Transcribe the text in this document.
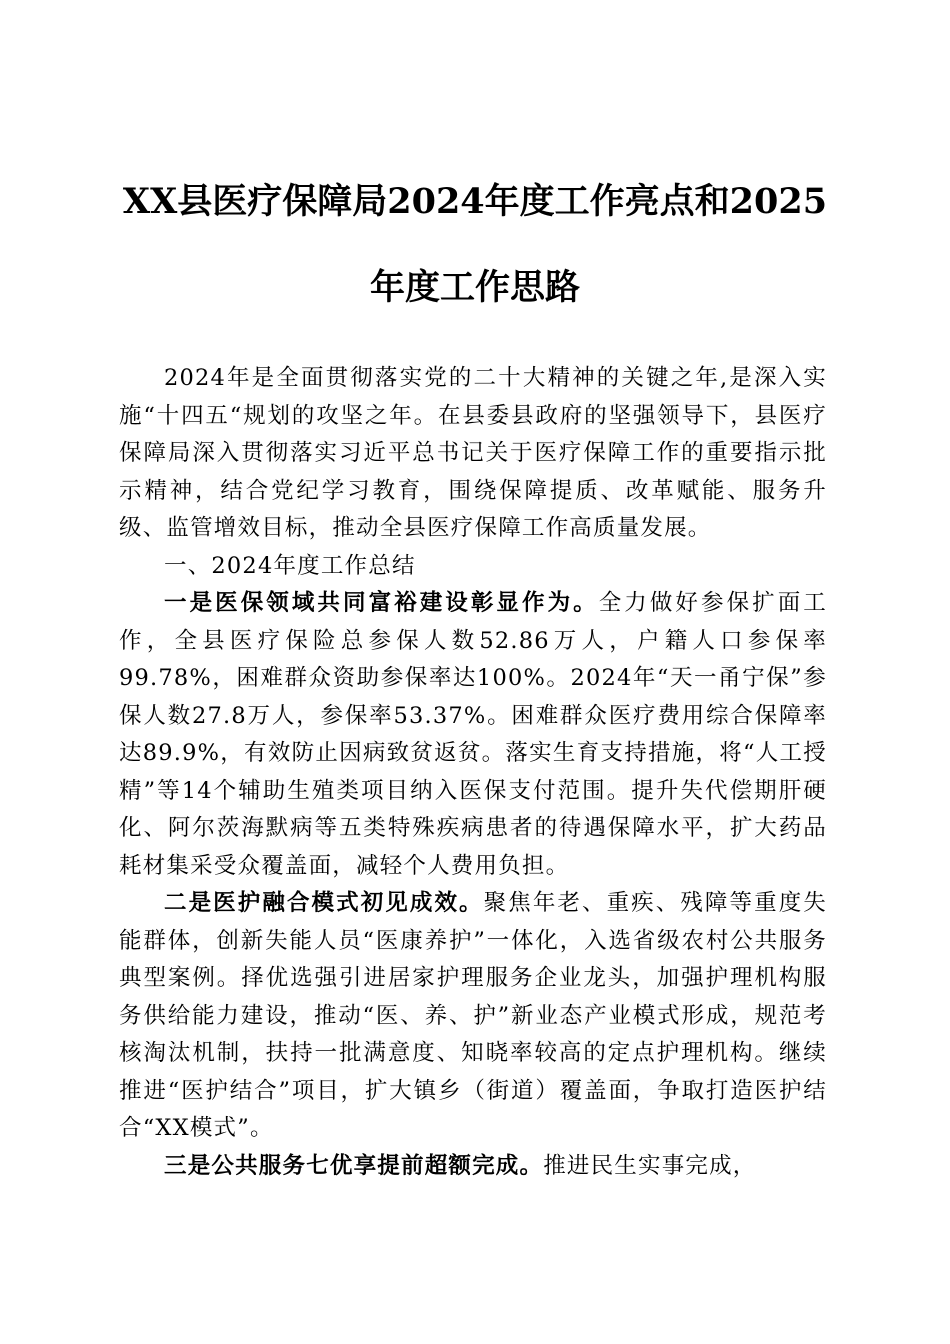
XX县医疗保障局2024年度工作亮点和2025
年度工作思路

2024年是全面贯彻落实党的二十大精神的关键之年,是深入实施“十四五“规划的攻坚之年。在县委县政府的坚强领导下，县医疗保障局深入贯彻落实习近平总书记关于医疗保障工作的重要指示批示精神，结合党纪学习教育，围绕保障提质、改革赋能、服务升级、监管增效目标，推动全县医疗保障工作高质量发展。

一、2024年度工作总结

一是医保领域共同富裕建设彰显作为。全力做好参保扩面工作，全县医疗保险总参保人数52.86万人，户籍人口参保率99.78%，困难群众资助参保率达100%。2024年“天一甬宁保”参保人数27.8万人，参保率53.37%。困难群众医疗费用综合保障率达89.9%，有效防止因病致贫返贫。落实生育支持措施，将“人工授精”等14个辅助生殖类项目纳入医保支付范围。提升失代偿期肝硬化、阿尔茨海默病等五类特殊疾病患者的待遇保障水平，扩大药品耗材集采受众覆盖面，减轻个人费用负担。

二是医护融合模式初见成效。聚焦年老、重疾、残障等重度失能群体，创新失能人员“医康养护”一体化，入选省级农村公共服务典型案例。择优选强引进居家护理服务企业龙头，加强护理机构服务供给能力建设，推动“医、养、护”新业态产业模式形成，规范考核淘汰机制，扶持一批满意度、知晓率较高的定点护理机构。继续推进“医护结合”项目，扩大镇乡（街道）覆盖面，争取打造医护结合“XX模式”。

三是公共服务七优享提前超额完成。推进民生实事完成，
